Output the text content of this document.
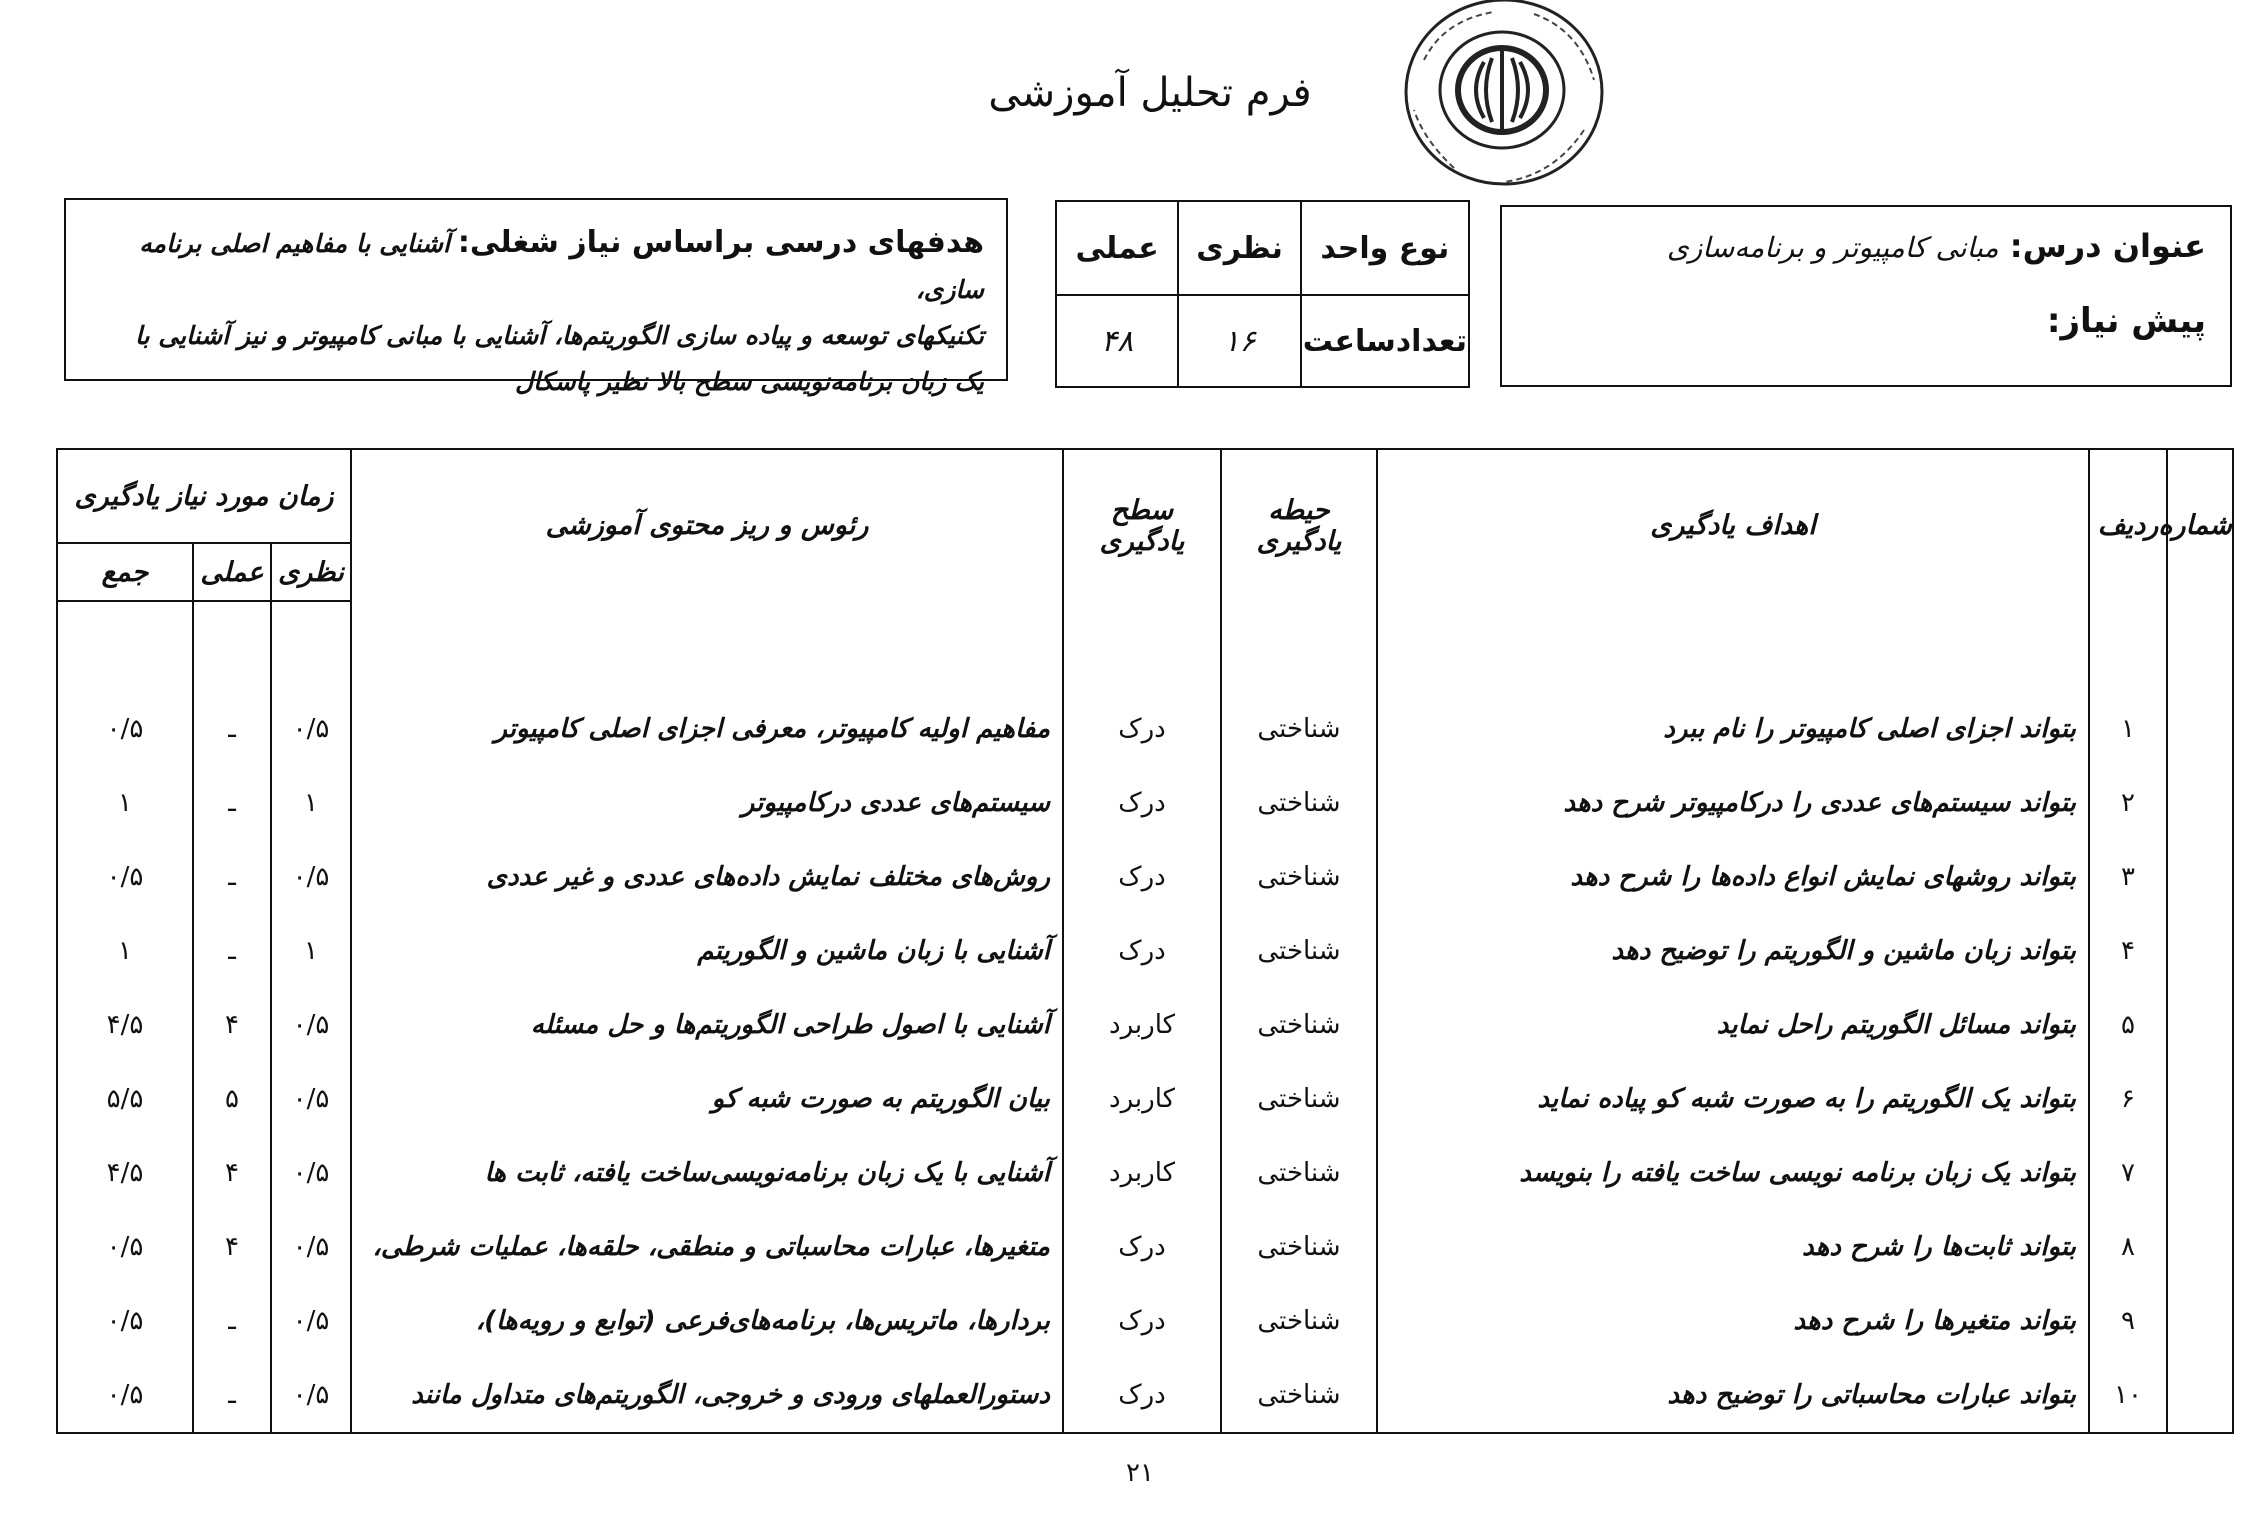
فرم تحلیل آموزشی
عنوان درس: مبانی کامپیوتر و برنامه‌سازی
پیش نیاز:
نوع واحد	نظری	عملی
تعدادساعت	۱۶	۴۸
هدفهای درسی براساس نیاز شغلی: آشنایی با مفاهیم اصلی برنامه سازی،
تکنیکهای توسعه و پیاده سازی الگوریتم‌ها، آشنایی با مبانی کامپیوتر و نیز آشنایی با
یک زبان برنامه‌نویسی سطح بالا نظیر پاسکال
شماره	ردیف	اهداف یادگیری	حیطه یادگیری	سطح یادگیری	رئوس و ریز محتوی آموزشی	زمان مورد نیاز یادگیری		
						نظری	عملی	جمع

	۱	بتواند اجزای اصلی کامپیوتر را نام ببرد	شناختی	درک	مفاهیم اولیه کامپیوتر، معرفی اجزای اصلی کامپیوتر	۰/۵	ـ	۰/۵
	۲	بتواند سیستم‌های عددی را درکامپیوتر شرح دهد	شناختی	درک	سیستم‌های عددی درکامپیوتر	۱	ـ	۱
	۳	بتواند روشهای نمایش انواع داده‌ها را شرح دهد	شناختی	درک	روش‌های مختلف نمایش داده‌های عددی و غیر عددی	۰/۵	ـ	۰/۵
	۴	بتواند زبان ماشین و الگوریتم را توضیح دهد	شناختی	درک	آشنایی با زبان ماشین و الگوریتم	۱	ـ	۱
	۵	بتواند مسائل الگوریتم راحل نماید	شناختی	کاربرد	آشنایی با اصول طراحی الگوریتم‌ها و حل مسئله	۰/۵	۴	۴/۵
	۶	بتواند یک الگوریتم را به صورت شبه کو پیاده نماید	شناختی	کاربرد	بیان الگوریتم به صورت شبه کو	۰/۵	۵	۵/۵
	۷	بتواند یک زبان برنامه نویسی ساخت یافته را بنویسد	شناختی	کاربرد	آشنایی با یک زبان برنامه‌نویسی‌ساخت یافته، ثابت ها	۰/۵	۴	۴/۵
	۸	بتواند ثابت‌ها را شرح دهد	شناختی	درک	متغیرها، عبارات محاسباتی و منطقی، حلقه‌ها، عملیات شرطی،	۰/۵	۴	۰/۵
	۹	بتواند متغیرها را شرح دهد	شناختی	درک	بردارها، ماتریس‌ها، برنامه‌های‌فرعی (توابع و رویه‌ها)،	۰/۵	ـ	۰/۵
	۱۰	بتواند عبارات محاسباتی را توضیح دهد	شناختی	درک	دستورالعملهای ورودی و خروجی، الگوریتم‌های متداول مانند	۰/۵	ـ	۰/۵
۲۱
